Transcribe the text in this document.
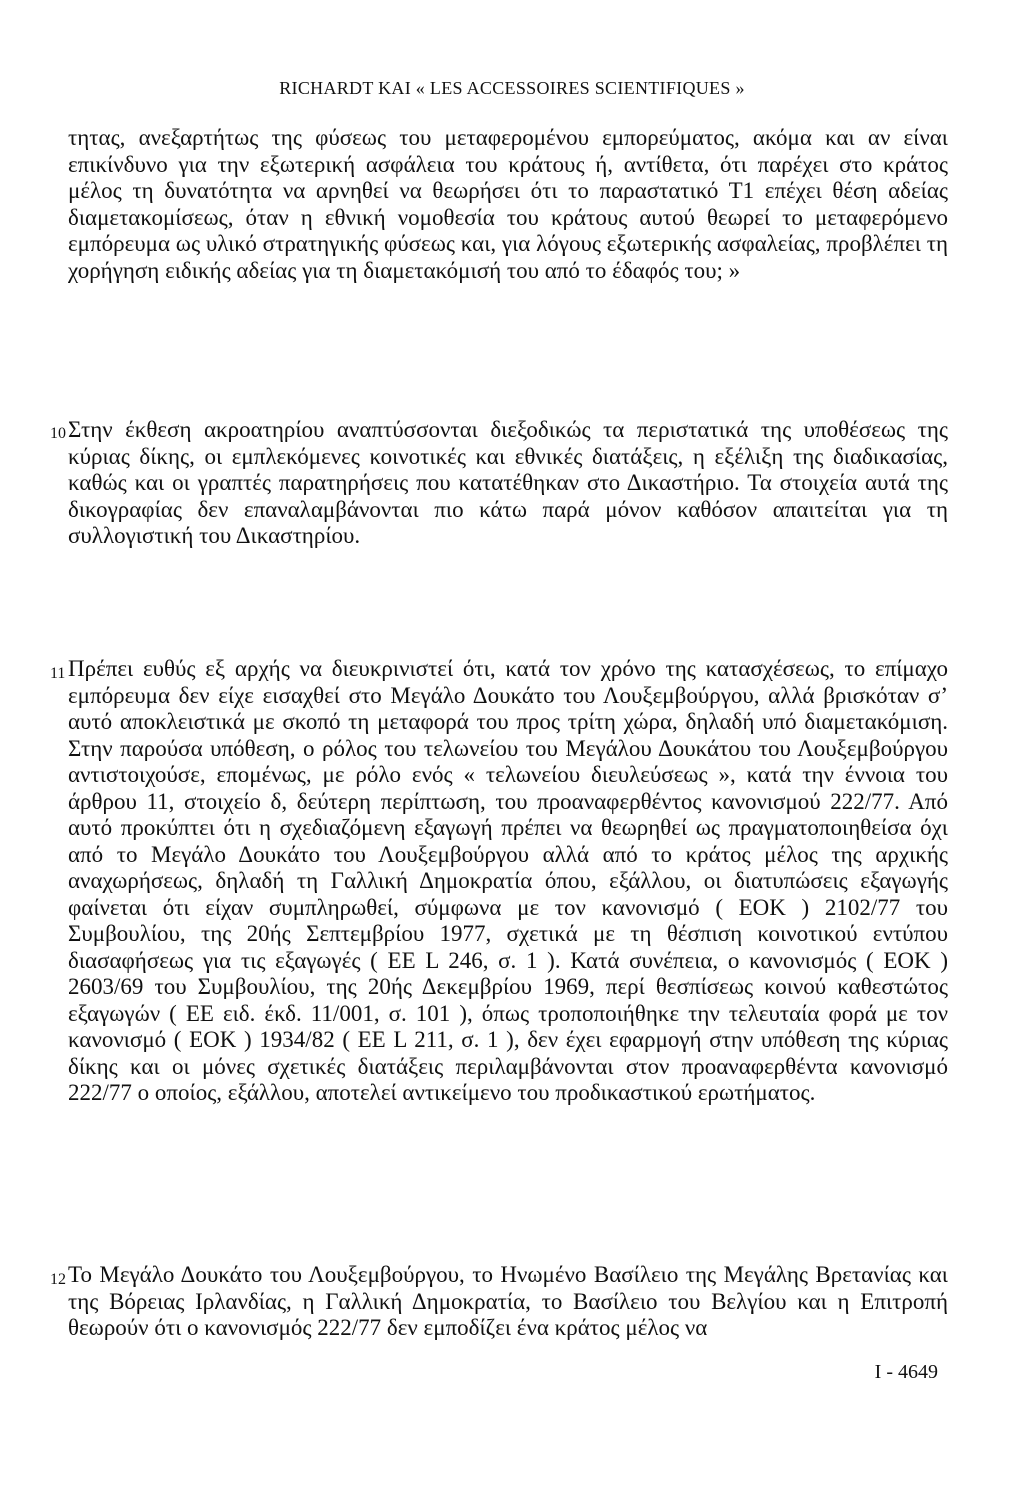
RICHARDT ΚΑΙ « LES ACCESSOIRES SCIENTIFIQUES »
τητας, ανεξαρτήτως της φύσεως του μεταφερομένου εμπορεύματος, ακόμα και αν είναι επικίνδυνο για την εξωτερική ασφάλεια του κράτους ή, αντίθετα, ότι παρέχει στο κράτος μέλος τη δυνατότητα να αρνηθεί να θεωρήσει ότι το παραστατικό Τ1 επέχει θέση αδείας διαμετακομίσεως, όταν η εθνική νομοθεσία του κράτους αυτού θεωρεί το μεταφερόμενο εμπόρευμα ως υλικό στρατηγικής φύσεως και, για λόγους εξωτερικής ασφαλείας, προβλέπει τη χορήγηση ειδικής αδείας για τη διαμετακόμισή του από το έδαφός του; »
10 Στην έκθεση ακροατηρίου αναπτύσσονται διεξοδικώς τα περιστατικά της υποθέσεως της κύριας δίκης, οι εμπλεκόμενες κοινοτικές και εθνικές διατάξεις, η εξέλιξη της διαδικασίας, καθώς και οι γραπτές παρατηρήσεις που κατατέθηκαν στο Δικαστήριο. Τα στοιχεία αυτά της δικογραφίας δεν επαναλαμβάνονται πιο κάτω παρά μόνον καθόσον απαιτείται για τη συλλογιστική του Δικαστηρίου.
11 Πρέπει ευθύς εξ αρχής να διευκρινιστεί ότι, κατά τον χρόνο της κατασχέσεως, το επίμαχο εμπόρευμα δεν είχε εισαχθεί στο Μεγάλο Δουκάτο του Λουξεμβούργου, αλλά βρισκόταν σ’ αυτό αποκλειστικά με σκοπό τη μεταφορά του προς τρίτη χώρα, δηλαδή υπό διαμετακόμιση. Στην παρούσα υπόθεση, ο ρόλος του τελωνείου του Μεγάλου Δουκάτου του Λουξεμβούργου αντιστοιχούσε, επομένως, με ρόλο ενός « τελωνείου διευλεύσεως », κατά την έννοια του άρθρου 11, στοιχείο δ, δεύτερη περίπτωση, του προαναφερθέντος κανονισμού 222/77. Από αυτό προκύπτει ότι η σχεδιαζόμενη εξαγωγή πρέπει να θεωρηθεί ως πραγματοποιηθείσα όχι από το Μεγάλο Δουκάτο του Λουξεμβούργου αλλά από το κράτος μέλος της αρχικής αναχωρήσεως, δηλαδή τη Γαλλική Δημοκρατία όπου, εξάλλου, οι διατυπώσεις εξαγωγής φαίνεται ότι είχαν συμπληρωθεί, σύμφωνα με τον κανονισμό ( ΕΟΚ ) 2102/77 του Συμβουλίου, της 20ής Σεπτεμβρίου 1977, σχετικά με τη θέσπιση κοινοτικού εντύπου διασαφήσεως για τις εξαγωγές ( ΕΕ L 246, σ. 1 ). Κατά συνέπεια, ο κανονισμός ( ΕΟΚ ) 2603/69 του Συμβουλίου, της 20ής Δεκεμβρίου 1969, περί θεσπίσεως κοινού καθεστώτος εξαγωγών ( ΕΕ ειδ. έκδ. 11/001, σ. 101 ), όπως τροποποιήθηκε την τελευταία φορά με τον κανονισμό ( ΕΟΚ ) 1934/82 ( ΕΕ L 211, σ. 1 ), δεν έχει εφαρμογή στην υπόθεση της κύριας δίκης και οι μόνες σχετικές διατάξεις περιλαμβάνονται στον προαναφερθέντα κανονισμό 222/77 ο οποίος, εξάλλου, αποτελεί αντικείμενο του προδικαστικού ερωτήματος.
12 Το Μεγάλο Δουκάτο του Λουξεμβούργου, το Ηνωμένο Βασίλειο της Μεγάλης Βρετανίας και της Βόρειας Ιρλανδίας, η Γαλλική Δημοκρατία, το Βασίλειο του Βελγίου και η Επιτροπή θεωρούν ότι ο κανονισμός 222/77 δεν εμποδίζει ένα κράτος μέλος να
I - 4649
